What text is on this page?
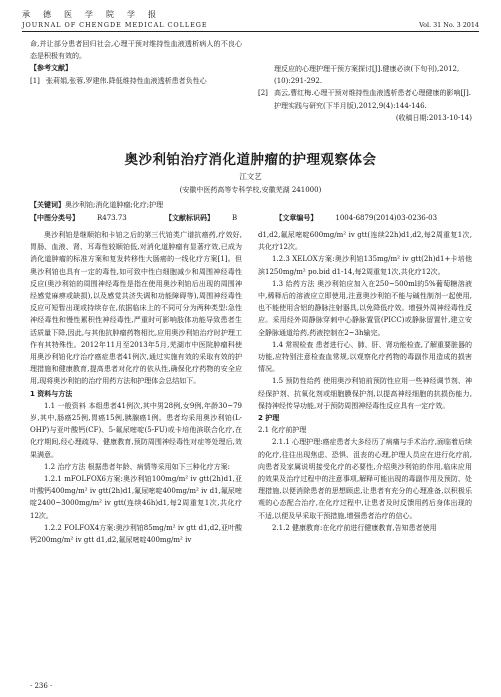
承德医学院学报
JOURNAL OF CHENGDE MEDICAL COLLEGE	Vol. 31 No. 3 2014

命,并让部分患者回归社会,心理干预对维持性血液透析病人的不良心态是积极有效的。

【参考文献】

[1] 张莉娟,张蓉,罗建伟.降低维持性血液透析患者负性心
理反应的心理护理干预方案探讨[J].健康必读(下旬刊),2012,(10):291-292.
[2] 高云,曹红梅.心理干预对维持性血液透析患者心理健康的影响[J].护理实践与研究(下半月版),2012,9(4):144-146.
(收稿日期:2013-10-14)
奥沙利铂治疗消化道肿瘤的护理观察体会
江文艺
(安徽中医药高等专科学校,安徽芜湖 241000)
【关键词】奥沙利铂;消化道肿瘤;化疗;护理
【中图分类号】	R473.73	【文献标识码】	B	【文章编号】	1004-6879(2014)03-0236-03

奥沙利铂是继顺铂和卡铂之后的第三代铂类广谱抗癌药,疗效好,胃肠、血液、肾、耳毒性较顺铂低,对消化道肿瘤有显著疗效,已成为消化道肿瘤的标准方案和复发转移性大肠癌的一线化疗方案[1]。但奥沙利铂也具有一定的毒性,如可致中性白细胞减少和周围神经毒性反应(奥沙利铂的周围神经毒性是指在使用奥沙利铂后出现的周围神经感觉麻痹或缺损),以及感觉共济失调和功能障碍等),周围神经毒性反应可短暂出现或持续存在,依据临床上的不同可分为两种类型:急性神经毒性和慢性累积性神经毒性,严重时可影响肢体功能导致患者生活质量下降,因此,与其他抗肿瘤药物相比,应用奥沙利铂治疗时护理工作有其特殊性。2012年11月至2013年5月,芜湖市中医院肿瘤科使用奥沙利铂化疗治疗癌症患者41例次,通过实施有效的采取有效的护理措施和健康教育,提高患者对化疗的依从性,确保化疗药物的安全应用,现将奥沙利铂的治疗用药方法和护理体会总结如下。

1 资料与方法

1.1 一般资料 本组患者41例次,其中男28例,女9例,年龄30~79岁,其中,肠癌25例,胃癌15例,胰腺癌1例。患者均采用奥沙利铂(L-OHP)与亚叶酸钙(CF)、5-氟尿嘧啶(5-FU)或卡培他滨联合化疗,在化疗期间,经心理疏导、健康教育,预防周围神经毒性对症等处理后,效果满意。

1.2 治疗方法 根据患者年龄、病情等采用如下三种化疗方案:

1.2.1 mFOLFOX6方案:奥沙利铂100mg/m² iv gtt(2h)d1,亚叶酸钙400mg/m² iv gtt(2h)d1,氟尿嘧啶400mg/m² iv d1,氟尿嘧啶2400~3000mg/m² iv gtt(连续46h)d1,每2周重复1次,共化疗12次。

1.2.2 FOLFOX4方案:奥沙利铂85mg/m² iv gtt d1,d2,亚叶酸钙200mg/m² iv gtt d1,d2,氟尿嘧啶400mg/m² iv

d1,d2,氟尿嘧啶600mg/m² iv gtt(连续22h)d1,d2,每2周重复1次,共化疗12次。

1.2.3 XELOX方案:奥沙利铂135mg/m² iv gtt(2h)d1+卡培他滨1250mg/m² po.bid d1-14,每2周重复1次,共化疗12次。

1.3 给药方法 奥沙利铂应加入在250~500ml的5%葡萄糖溶液中,稀释后的溶液应立即使用,注意奥沙利铂不能与碱性制剂一起使用,也不能使用含铝的静脉注射器具,以免降低疗效。增强外周神经毒性反应。采用经外周静脉穿刺中心静脉置管(PICC)或静脉留置针,建立安全静脉通道给药,药液控制在2~3h输完。

1.4 常规检查 患者进行心、肺、肝、肾功能检查,了解重要脏器的功能,应特别注意检查血常规,以观察化疗药物的毒副作用造成的损害情况。

1.5 预防性给药 使用奥沙利铂前预防性应用一些神经调节剂、神经保护剂、抗氧化剂或细胞膜保护剂,以提高神经细胞的抗损伤能力,保持神经传导功能,对于预防周围神经毒性反应具有一定疗效。

2 护理

2.1 化疗前护理

2.1.1 心理护理:癌症患者大多经历了病痛与手术治疗,面临着后续的化疗,往往出现焦虑、恐惧、沮丧的心理,护理人员应在进行化疗前,向患者及家属说明接受化疗的必要性,介绍奥沙利铂的作用,临床应用的效果及治疗过程中的注意事项,解释可能出现的毒副作用及预防、处理措施,以便消除患者的思想顾虑,让患者有充分的心理准备,以积极乐观的心态配合治疗,在化疗过程中,让患者及时反馈用药后身体出现的不适,以便及早采取干预措施,增强患者治疗的信心。

2.1.2 健康教育:在化疗前进行健康教育,告知患者使用

· 236 ·
